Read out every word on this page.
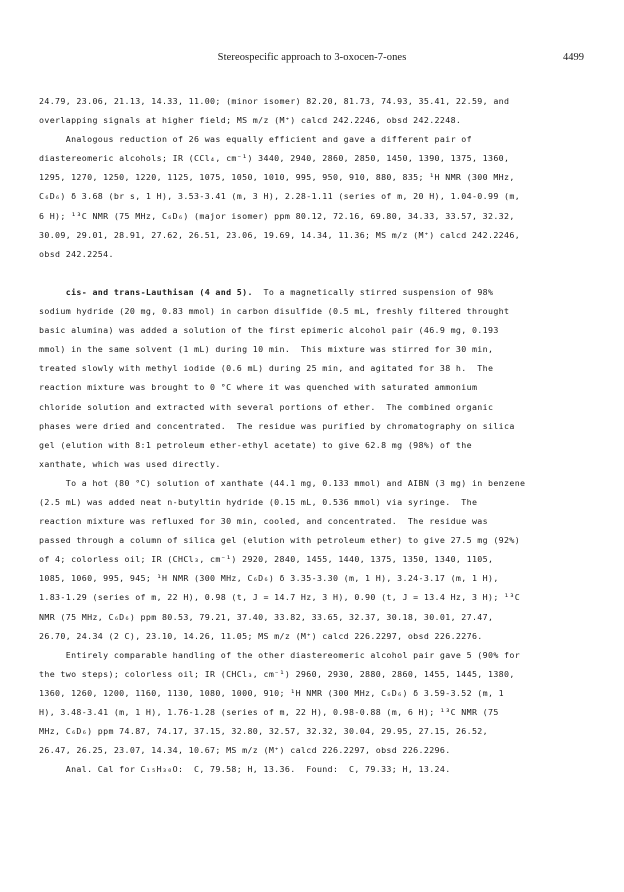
Stereospecific approach to 3-oxocen-7-ones	4499
24.79, 23.06, 21.13, 14.33, 11.00; (minor isomer) 82.20, 81.73, 74.93, 35.41, 22.59, and
overlapping signals at higher field; MS m/z (M⁺) calcd 242.2246, obsd 242.2248.
Analogous reduction of 26 was equally efficient and gave a different pair of
diastereomeric alcohols; IR (CCl₄, cm⁻¹) 3440, 2940, 2860, 2850, 1450, 1390, 1375, 1360,
1295, 1270, 1250, 1220, 1125, 1075, 1050, 1010, 995, 950, 910, 880, 835; ¹H NMR (300 MHz,
C₆D₆) δ 3.68 (br s, 1 H), 3.53-3.41 (m, 3 H), 2.28-1.11 (series of m, 20 H), 1.04-0.99 (m,
6 H); ¹³C NMR (75 MHz, C₆D₆) (major isomer) ppm 80.12, 72.16, 69.80, 34.33, 33.57, 32.32,
30.09, 29.01, 28.91, 27.62, 26.51, 23.06, 19.69, 14.34, 11.36; MS m/z (M⁺) calcd 242.2246,
obsd 242.2254.
cis- and trans-Lauthisan (4 and 5).  To a magnetically stirred suspension of 98%
sodium hydride (20 mg, 0.83 mmol) in carbon disulfide (0.5 mL, freshly filtered throught
basic alumina) was added a solution of the first epimeric alcohol pair (46.9 mg, 0.193
mmol) in the same solvent (1 mL) during 10 min.  This mixture was stirred for 30 min,
treated slowly with methyl iodide (0.6 mL) during 25 min, and agitated for 38 h.  The
reaction mixture was brought to 0 °C where it was quenched with saturated ammonium
chloride solution and extracted with several portions of ether.  The combined organic
phases were dried and concentrated.  The residue was purified by chromatography on silica
gel (elution with 8:1 petroleum ether-ethyl acetate) to give 62.8 mg (98%) of the
xanthate, which was used directly.
To a hot (80 °C) solution of xanthate (44.1 mg, 0.133 mmol) and AIBN (3 mg) in benzene
(2.5 mL) was added neat n-butyltin hydride (0.15 mL, 0.536 mmol) via syringe.  The
reaction mixture was refluxed for 30 min, cooled, and concentrated.  The residue was
passed through a column of silica gel (elution with petroleum ether) to give 27.5 mg (92%)
of 4; colorless oil; IR (CHCl₃, cm⁻¹) 2920, 2840, 1455, 1440, 1375, 1350, 1340, 1105,
1085, 1060, 995, 945; ¹H NMR (300 MHz, C₆D₆) δ 3.35-3.30 (m, 1 H), 3.24-3.17 (m, 1 H),
1.83-1.29 (series of m, 22 H), 0.98 (t, J = 14.7 Hz, 3 H), 0.90 (t, J = 13.4 Hz, 3 H); ¹³C
NMR (75 MHz, C₆D₆) ppm 80.53, 79.21, 37.40, 33.82, 33.65, 32.37, 30.18, 30.01, 27.47,
26.70, 24.34 (2 C), 23.10, 14.26, 11.05; MS m/z (M⁺) calcd 226.2297, obsd 226.2276.
Entirely comparable handling of the other diastereomeric alcohol pair gave 5 (90% for
the two steps); colorless oil; IR (CHCl₃, cm⁻¹) 2960, 2930, 2880, 2860, 1455, 1445, 1380,
1360, 1260, 1200, 1160, 1130, 1080, 1000, 910; ¹H NMR (300 MHz, C₆D₆) δ 3.59-3.52 (m, 1
H), 3.48-3.41 (m, 1 H), 1.76-1.28 (series of m, 22 H), 0.98-0.88 (m, 6 H); ¹³C NMR (75
MHz, C₆D₆) ppm 74.87, 74.17, 37.15, 32.80, 32.57, 32.32, 30.04, 29.95, 27.15, 26.52,
26.47, 26.25, 23.07, 14.34, 10.67; MS m/z (M⁺) calcd 226.2297, obsd 226.2296.
Anal. Cal for C₁₅H₃₀O:  C, 79.58; H, 13.36.  Found:  C, 79.33; H, 13.24.
